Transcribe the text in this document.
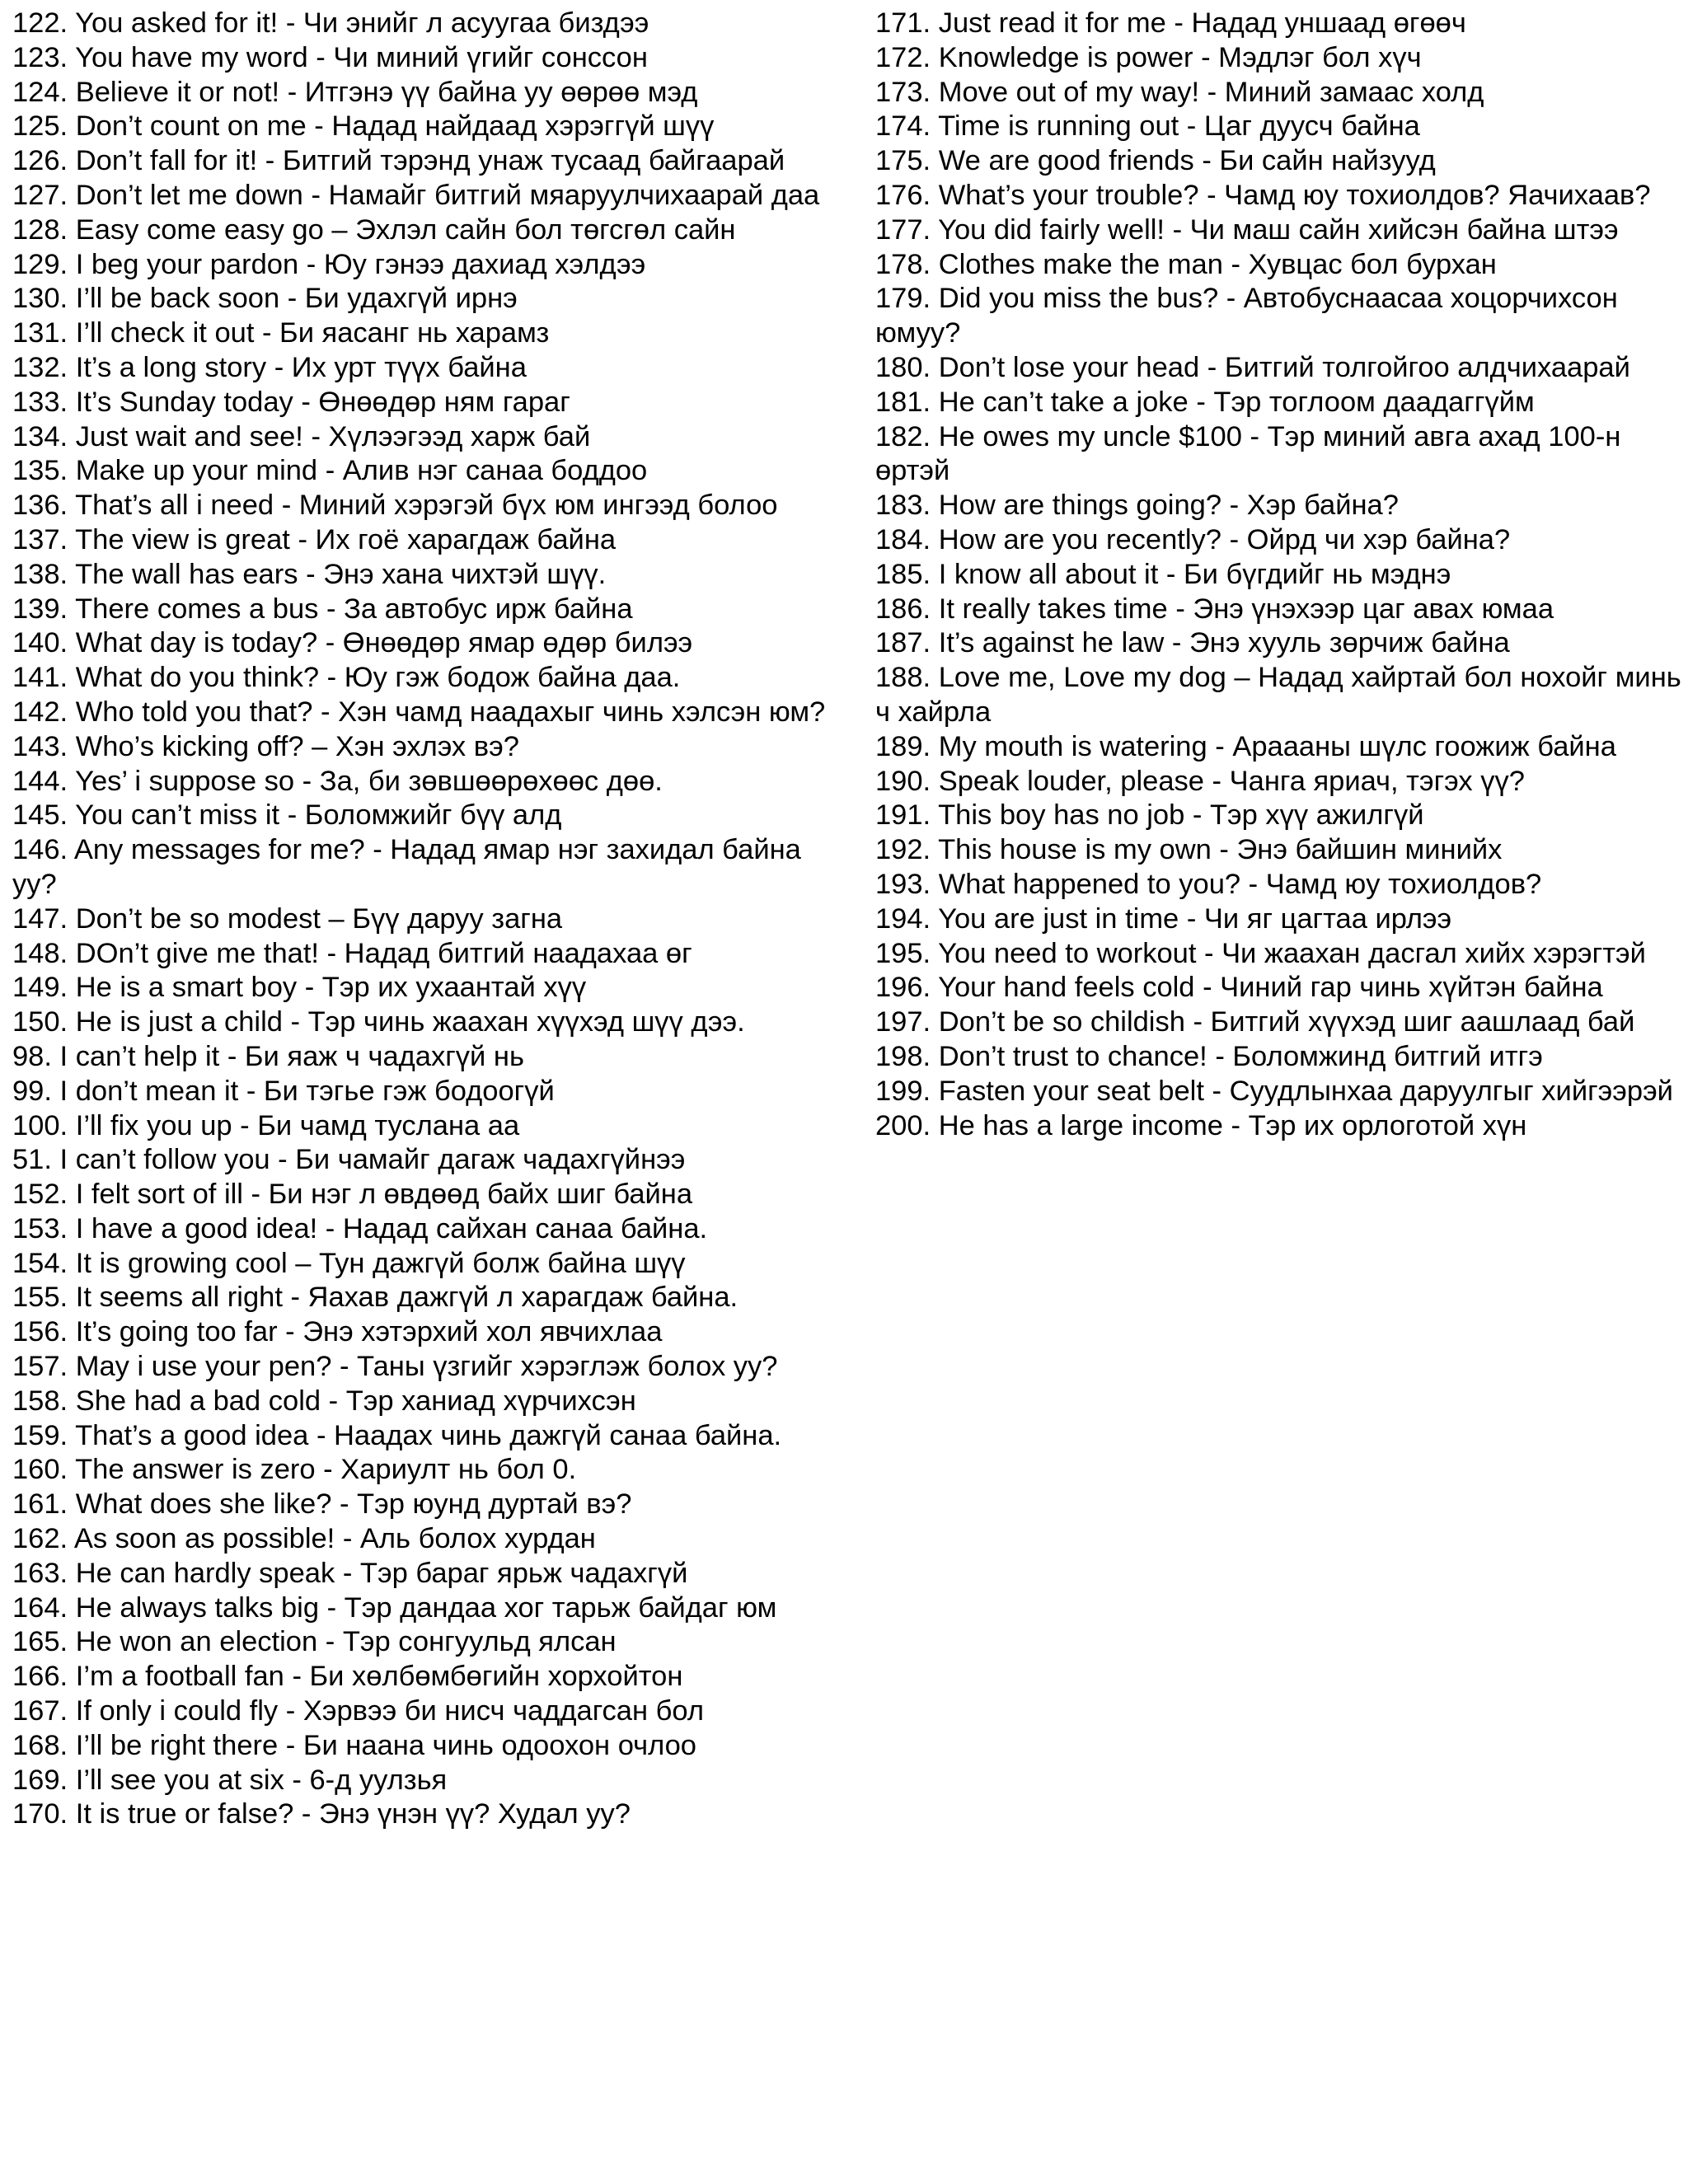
122. You asked for it! - Чи энийг л асуугаа биздээ
123. You have my word - Чи миний үгийг сонссон
124. Believe it or not! - Итгэнэ үү байна уу өөрөө мэд
125. Don’t count on me - Надад найдаад хэрэггүй шүү
126. Don’t fall for it! - Битгий тэрэнд унаж тусаад байгаарай
127. Don’t let me down - Намайг битгий мяаруулчихаарай даа
128. Easy come easy go – Эхлэл сайн бол төгсгөл сайн
129. I beg your pardon - Юу гэнээ дахиад хэлдээ
130. I’ll be back soon - Би удахгүй ирнэ
131. I’ll check it out - Би яасанг нь харамз
132. It’s a long story - Их урт түүх байна
133. It’s Sunday today - Өнөөдөр ням гараг
134. Just wait and see! - Хүлээгээд харж бай
135. Make up your mind - Алив нэг санаа боддоо
136. That’s all i need - Миний хэрэгэй бүх юм ингээд болоо
137. The view is great - Их гоё харагдаж байна
138. The wall has ears - Энэ хана чихтэй шүү.
139. There comes a bus - За автобус ирж байна
140. What day is today? - Өнөөдөр ямар өдөр билээ
141. What do you think? - Юу гэж бодож байна даа.
142. Who told you that? - Хэн чамд наадахыг чинь хэлсэн юм?
143. Who’s kicking off? – Хэн эхлэх вэ?
144. Yes’ i suppose so - За, би зөвшөөрөхөөс дөө.
145. You can’t miss it - Боломжийг бүү алд
146. Any messages for me? - Надад ямар нэг захидал байна уу?
147. Don’t be so modest – Бүү даруу загна
148. DOn’t give me that! - Надад битгий наадахаа өг
149. He is a smart boy - Тэр их ухаантай хүү
150. He is just a child - Тэр чинь жаахан хүүхэд шүү дээ.
98. I can’t help it - Би яаж ч чадахгүй нь
99. I don’t mean it - Би тэгье гэж бодоогүй
100. I’ll fix you up - Би чамд туслана аа
51. I can’t follow you - Би чамайг дагаж чадахгүйнээ
152. I felt sort of ill - Би нэг л өвдөөд байх шиг байна
153. I have a good idea! - Надад сайхан санаа байна.
154. It is growing cool – Тун дажгүй болж байна шүү
155. It seems all right - Яахав дажгүй л харагдаж байна.
156. It’s going too far - Энэ хэтэрхий хол явчихлаа
157. May i use your pen? - Таны үзгийг хэрэглэж болох уу?
158. She had a bad cold - Тэр ханиад хүрчихсэн
159. That’s a good idea - Наадах чинь дажгүй санаа байна.
160. The answer is zero - Хариулт нь бол 0.
161. What does she like? - Тэр юунд дуртай вэ?
162. As soon as possible! - Аль болох хурдан
163. He can hardly speak - Тэр бараг ярьж чадахгүй
164. He always talks big - Тэр дандаа хог тарьж байдаг юм
165. He won an election - Тэр сонгуульд ялсан
166. I’m a football fan - Би хөлбөмбөгийн хорхойтон
167. If only i could fly - Хэрвээ би нисч чаддагсан бол
168. I’ll be right there - Би наана чинь одоохон очлоо
169. I’ll see you at six - 6-д уулзья
170. It is true or false? - Энэ үнэн үү? Худал уу?
171. Just read it for me - Надад уншаад өгөөч
172. Knowledge is power - Мэдлэг бол хүч
173. Move out of my way! - Миний замаас холд
174. Time is running out - Цаг дуусч байна
175. We are good friends - Би сайн найзууд
176. What’s your trouble? - Чамд юу тохиолдов? Яачихаав?
177. You did fairly well! - Чи маш сайн хийсэн байна штээ
178. Clothes make the man - Хувцас бол бурхан
179. Did you miss the bus? - Автобуснаасаа хоцорчихсон юмуу?
180. Don’t lose your head - Битгий толгойгоо алдчихаарай
181. He can’t take a joke - Тэр тоглоом даадаггүйм
182. He owes my uncle $100 - Тэр миний авга ахад 100-н өртэй
183. How are things going? - Хэр байна?
184. How are you recently? - Ойрд чи хэр байна?
185. I know all about it - Би бүгдийг нь мэднэ
186. It really takes time - Энэ үнэхээр цаг авах юмаа
187. It’s against he law - Энэ хууль зөрчиж байна
188. Love me, Love my dog – Надад хайртай бол нохойг минь ч хайрла
189. My mouth is watering - Араааны шүлс гоожиж байна
190. Speak louder, please - Чанга яриач, тэгэх үү?
191. This boy has no job - Тэр хүү ажилгүй
192. This house is my own - Энэ байшин минийх
193. What happened to you? - Чамд юу тохиолдов?
194. You are just in time - Чи яг цагтаа ирлээ
195. You need to workout - Чи жаахан дасгал хийх хэрэгтэй
196. Your hand feels cold - Чиний гар чинь хүйтэн байна
197. Don’t be so childish - Битгий хүүхэд шиг аашлаад бай
198. Don’t trust to chance! - Боломжинд битгий итгэ
199. Fasten your seat belt - Суудлынхаа даруулгыг хийгээрэй
200. He has a large income - Тэр их орлоготой хүн
